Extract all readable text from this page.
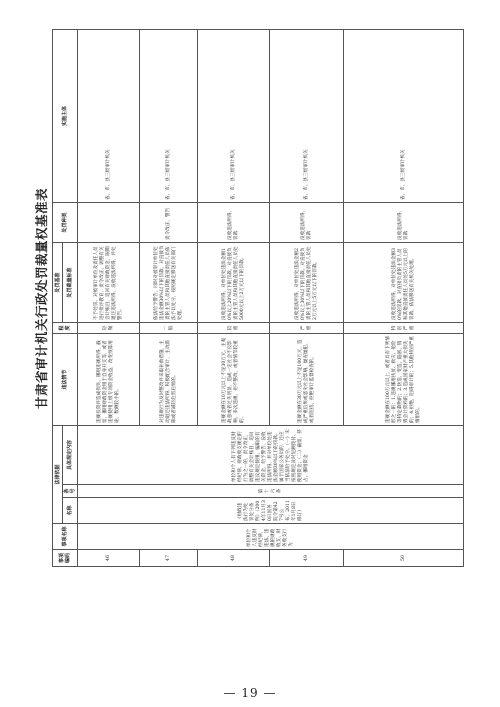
甘肃省审计机关行政处罚裁量权基准表
事项编码	事项名称	法律依据			违法情节	程度	处罚基准	处罚种类	实施主体
		名称	条号	具体规定内容			处罚裁量标准		
46	单位和个人违反财经纪律，违法、违规的财政收支、财务收支行为	《财政违法行为处罚处分条例》（2004年11月30日国务院令第427号公布，2011年1月8日修订）	第十六条	单位和个人有下列违反财经纪律、财政收支规定的行为之一的，责令改正，调整有关会计账目，追回违反规定使用、骗取的有关资金，给予警告，没收违法所得，并对单位处违法金额30%以下的罚款。属于国家公务员的，还应当依法给予处分。（一）未按照规定及时足额拨付、使用资金；（二）截留、挤占、挪用资金	违规投资并造成损失，挪用违规所得，截留、挪用财政资金用于自身开支等，或者违规使用上级专项资金收益，改变预算用途，数额较小的。	轻微	不予处罚。对被审计单位及责任人员进行批评教育，责令改正，调整有关会计账目，追回有关财政资金，限期退还违法所得，没收违法所得，并处警告。		省、市、县三级审计机关
47					对违规行为及时整改并采取补救措施，主动退还违法所得，积极配合审计，主动消除或者减轻危害后果的。	一般	依法给予警告，同时对被审计单位处违法金额30%以下的罚款，对直接负责的主管人员和其他直接责任人员依法予以处分，按照规定移送有关部门处理。	责令改正，警告	省、市、县三级审计机关
48					违规金额在10万元以上不足30万元，主观故意或者过失明显，造成一定社会不良影响，多次违规，拒不整改，或者情节较重的。	较重	没收违法所得，对单位处违法金额10%以上20%以下的罚款，对直接负责的主管人员和其他直接责任人员处5000元以上2万元以下的罚款。	没收违法所得，罚款	省、市、县三级审计机关
49					违规金额在30万元以上不足100万元，造成严重后果或恶劣社会影响，屡查屡犯，或者阻挠、拒绝审计监督检查的。	严重	没收违法所得，对单位处违法金额20%以上30%以下的罚款，对直接负责的主管人员和其他直接责任人员处2万元以上5万元以下的罚款。	没收违法所得，罚款	省、市、县三级审计机关
50					违规金额在100万元以上，或者具有下列情形之一的：1.违规挪用扶贫、救灾、抢险等特定款物的；2.伪造、变造、隐匿、销毁会计资料的；3.造成国家财产重大损失的；4.拒绝、阻碍审计的；5.其他特别严重情形的。	特别严重	没收违法所得，对单位处违法金额30%的罚款，对直接负责的主管人员和其他直接责任人员处5万元以上的罚款，依法移送有关机关处理。	没收违法所得，罚款	省、市、县三级审计机关
— 19 —
